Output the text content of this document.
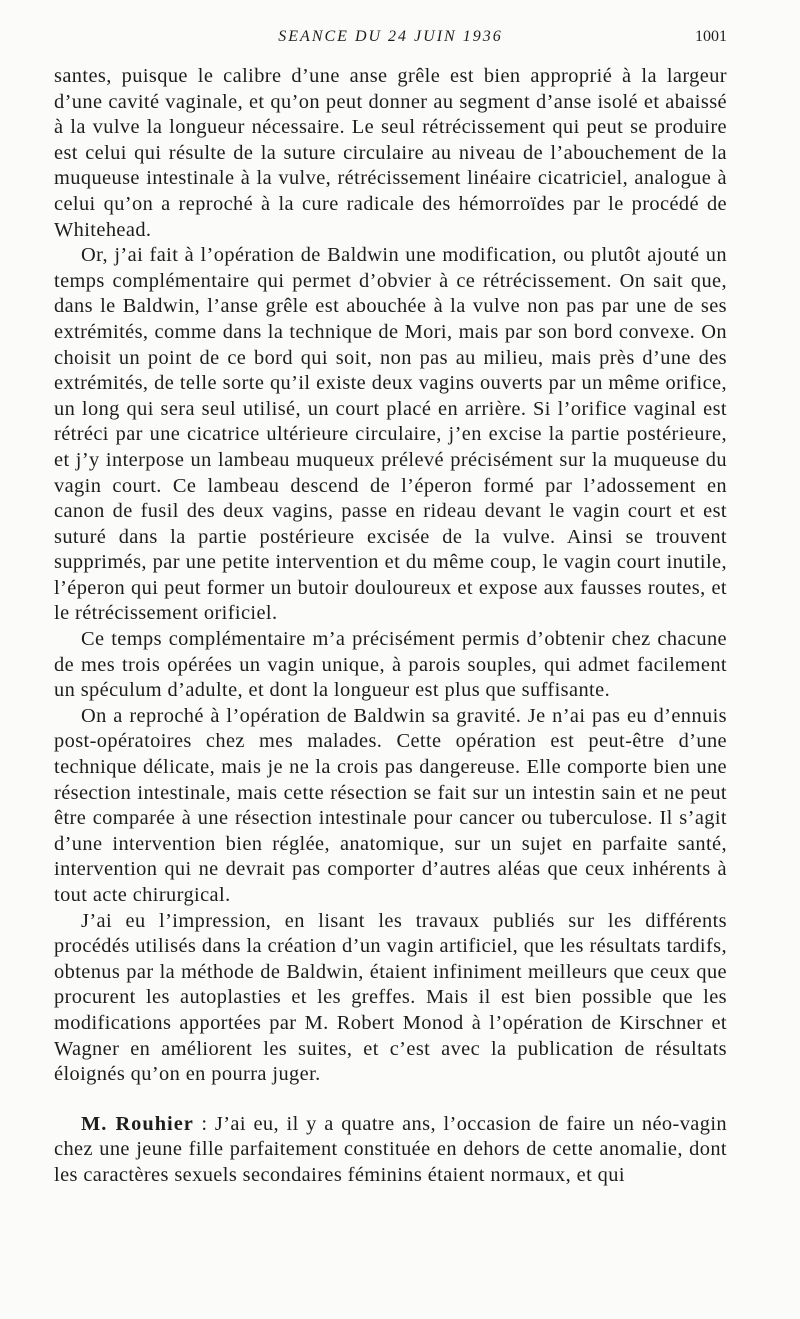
SEANCE DU 24 JUIN 1936	1001

santes, puisque le calibre d’une anse grêle est bien approprié à la largeur d’une cavité vaginale, et qu’on peut donner au segment d’anse isolé et abaissé à la vulve la longueur nécessaire. Le seul rétrécissement qui peut se produire est celui qui résulte de la suture circulaire au niveau de l’abouchement de la muqueuse intestinale à la vulve, rétrécissement linéaire cicatriciel, analogue à celui qu’on a reproché à la cure radicale des hémorroïdes par le procédé de Whitehead.

Or, j’ai fait à l’opération de Baldwin une modification, ou plutôt ajouté un temps complémentaire qui permet d’obvier à ce rétrécissement. On sait que, dans le Baldwin, l’anse grêle est abouchée à la vulve non pas par une de ses extrémités, comme dans la technique de Mori, mais par son bord convexe. On choisit un point de ce bord qui soit, non pas au milieu, mais près d’une des extrémités, de telle sorte qu’il existe deux vagins ouverts par un même orifice, un long qui sera seul utilisé, un court placé en arrière. Si l’orifice vaginal est rétréci par une cicatrice ultérieure circulaire, j’en excise la partie postérieure, et j’y interpose un lambeau muqueux prélevé précisément sur la muqueuse du vagin court. Ce lambeau descend de l’éperon formé par l’adossement en canon de fusil des deux vagins, passe en rideau devant le vagin court et est suturé dans la partie postérieure excisée de la vulve. Ainsi se trouvent supprimés, par une petite intervention et du même coup, le vagin court inutile, l’éperon qui peut former un butoir douloureux et expose aux fausses routes, et le rétrécissement orificiel.

Ce temps complémentaire m’a précisément permis d’obtenir chez chacune de mes trois opérées un vagin unique, à parois souples, qui admet facilement un spéculum d’adulte, et dont la longueur est plus que suffisante.

On a reproché à l’opération de Baldwin sa gravité. Je n’ai pas eu d’ennuis post-opératoires chez mes malades. Cette opération est peut-être d’une technique délicate, mais je ne la crois pas dangereuse. Elle comporte bien une résection intestinale, mais cette résection se fait sur un intestin sain et ne peut être comparée à une résection intestinale pour cancer ou tuberculose. Il s’agit d’une intervention bien réglée, anatomique, sur un sujet en parfaite santé, intervention qui ne devrait pas comporter d’autres aléas que ceux inhérents à tout acte chirurgical.

J’ai eu l’impression, en lisant les travaux publiés sur les différents procédés utilisés dans la création d’un vagin artificiel, que les résultats tardifs, obtenus par la méthode de Baldwin, étaient infiniment meilleurs que ceux que procurent les autoplasties et les greffes. Mais il est bien possible que les modifications apportées par M. Robert Monod à l’opération de Kirschner et Wagner en améliorent les suites, et c’est avec la publication de résultats éloignés qu’on en pourra juger.

M. Rouhier : J’ai eu, il y a quatre ans, l’occasion de faire un néo-vagin chez une jeune fille parfaitement constituée en dehors de cette anomalie, dont les caractères sexuels secondaires féminins étaient normaux, et qui
